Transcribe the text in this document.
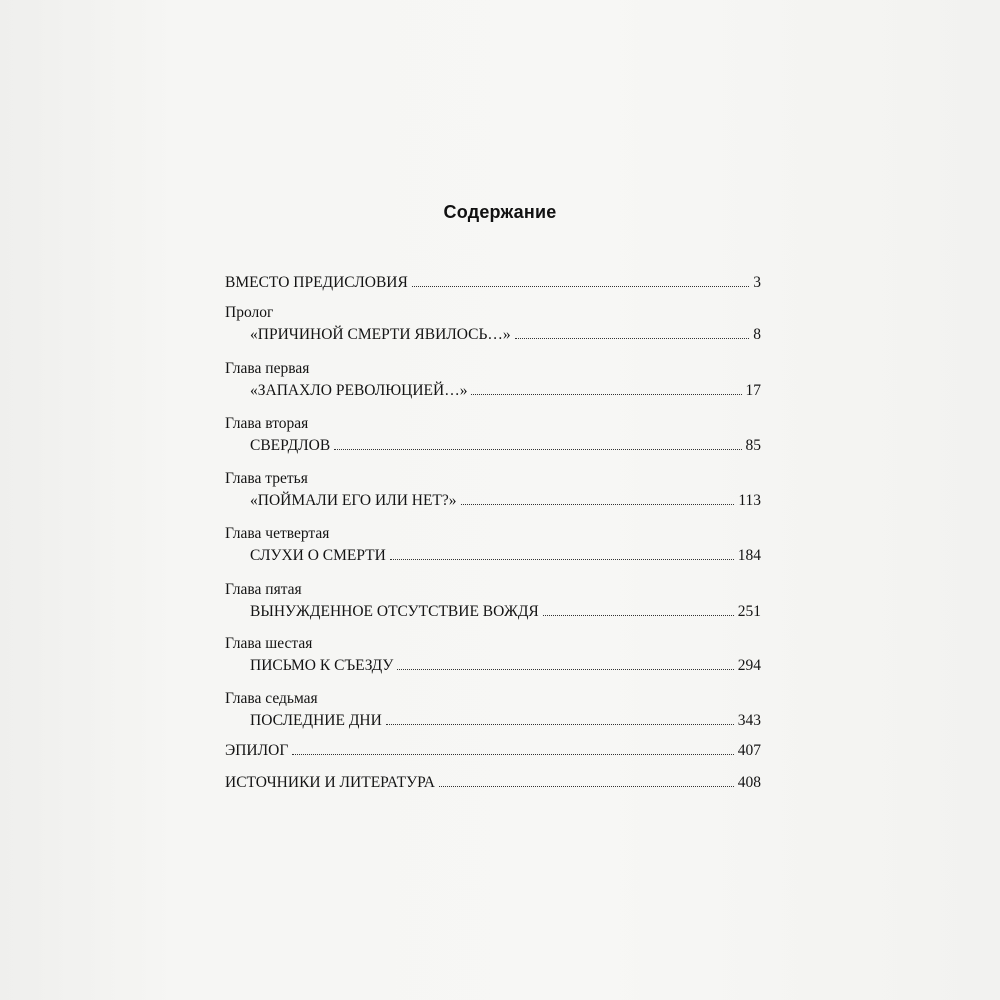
Содержание
ВМЕСТО ПРЕДИСЛОВИЯ	3
Пролог
«ПРИЧИНОЙ СМЕРТИ ЯВИЛОСЬ…»	8
Глава первая
«ЗАПАХЛО РЕВОЛЮЦИЕЙ…»	17
Глава вторая
СВЕРДЛОВ	85
Глава третья
«ПОЙМАЛИ ЕГО ИЛИ НЕТ?»	113
Глава четвертая
СЛУХИ О СМЕРТИ	184
Глава пятая
ВЫНУЖДЕННОЕ ОТСУТСТВИЕ ВОЖДЯ	251
Глава шестая
ПИСЬМО К СЪЕЗДУ	294
Глава седьмая
ПОСЛЕДНИЕ ДНИ	343
ЭПИЛОГ	407
ИСТОЧНИКИ И ЛИТЕРАТУРА	408
